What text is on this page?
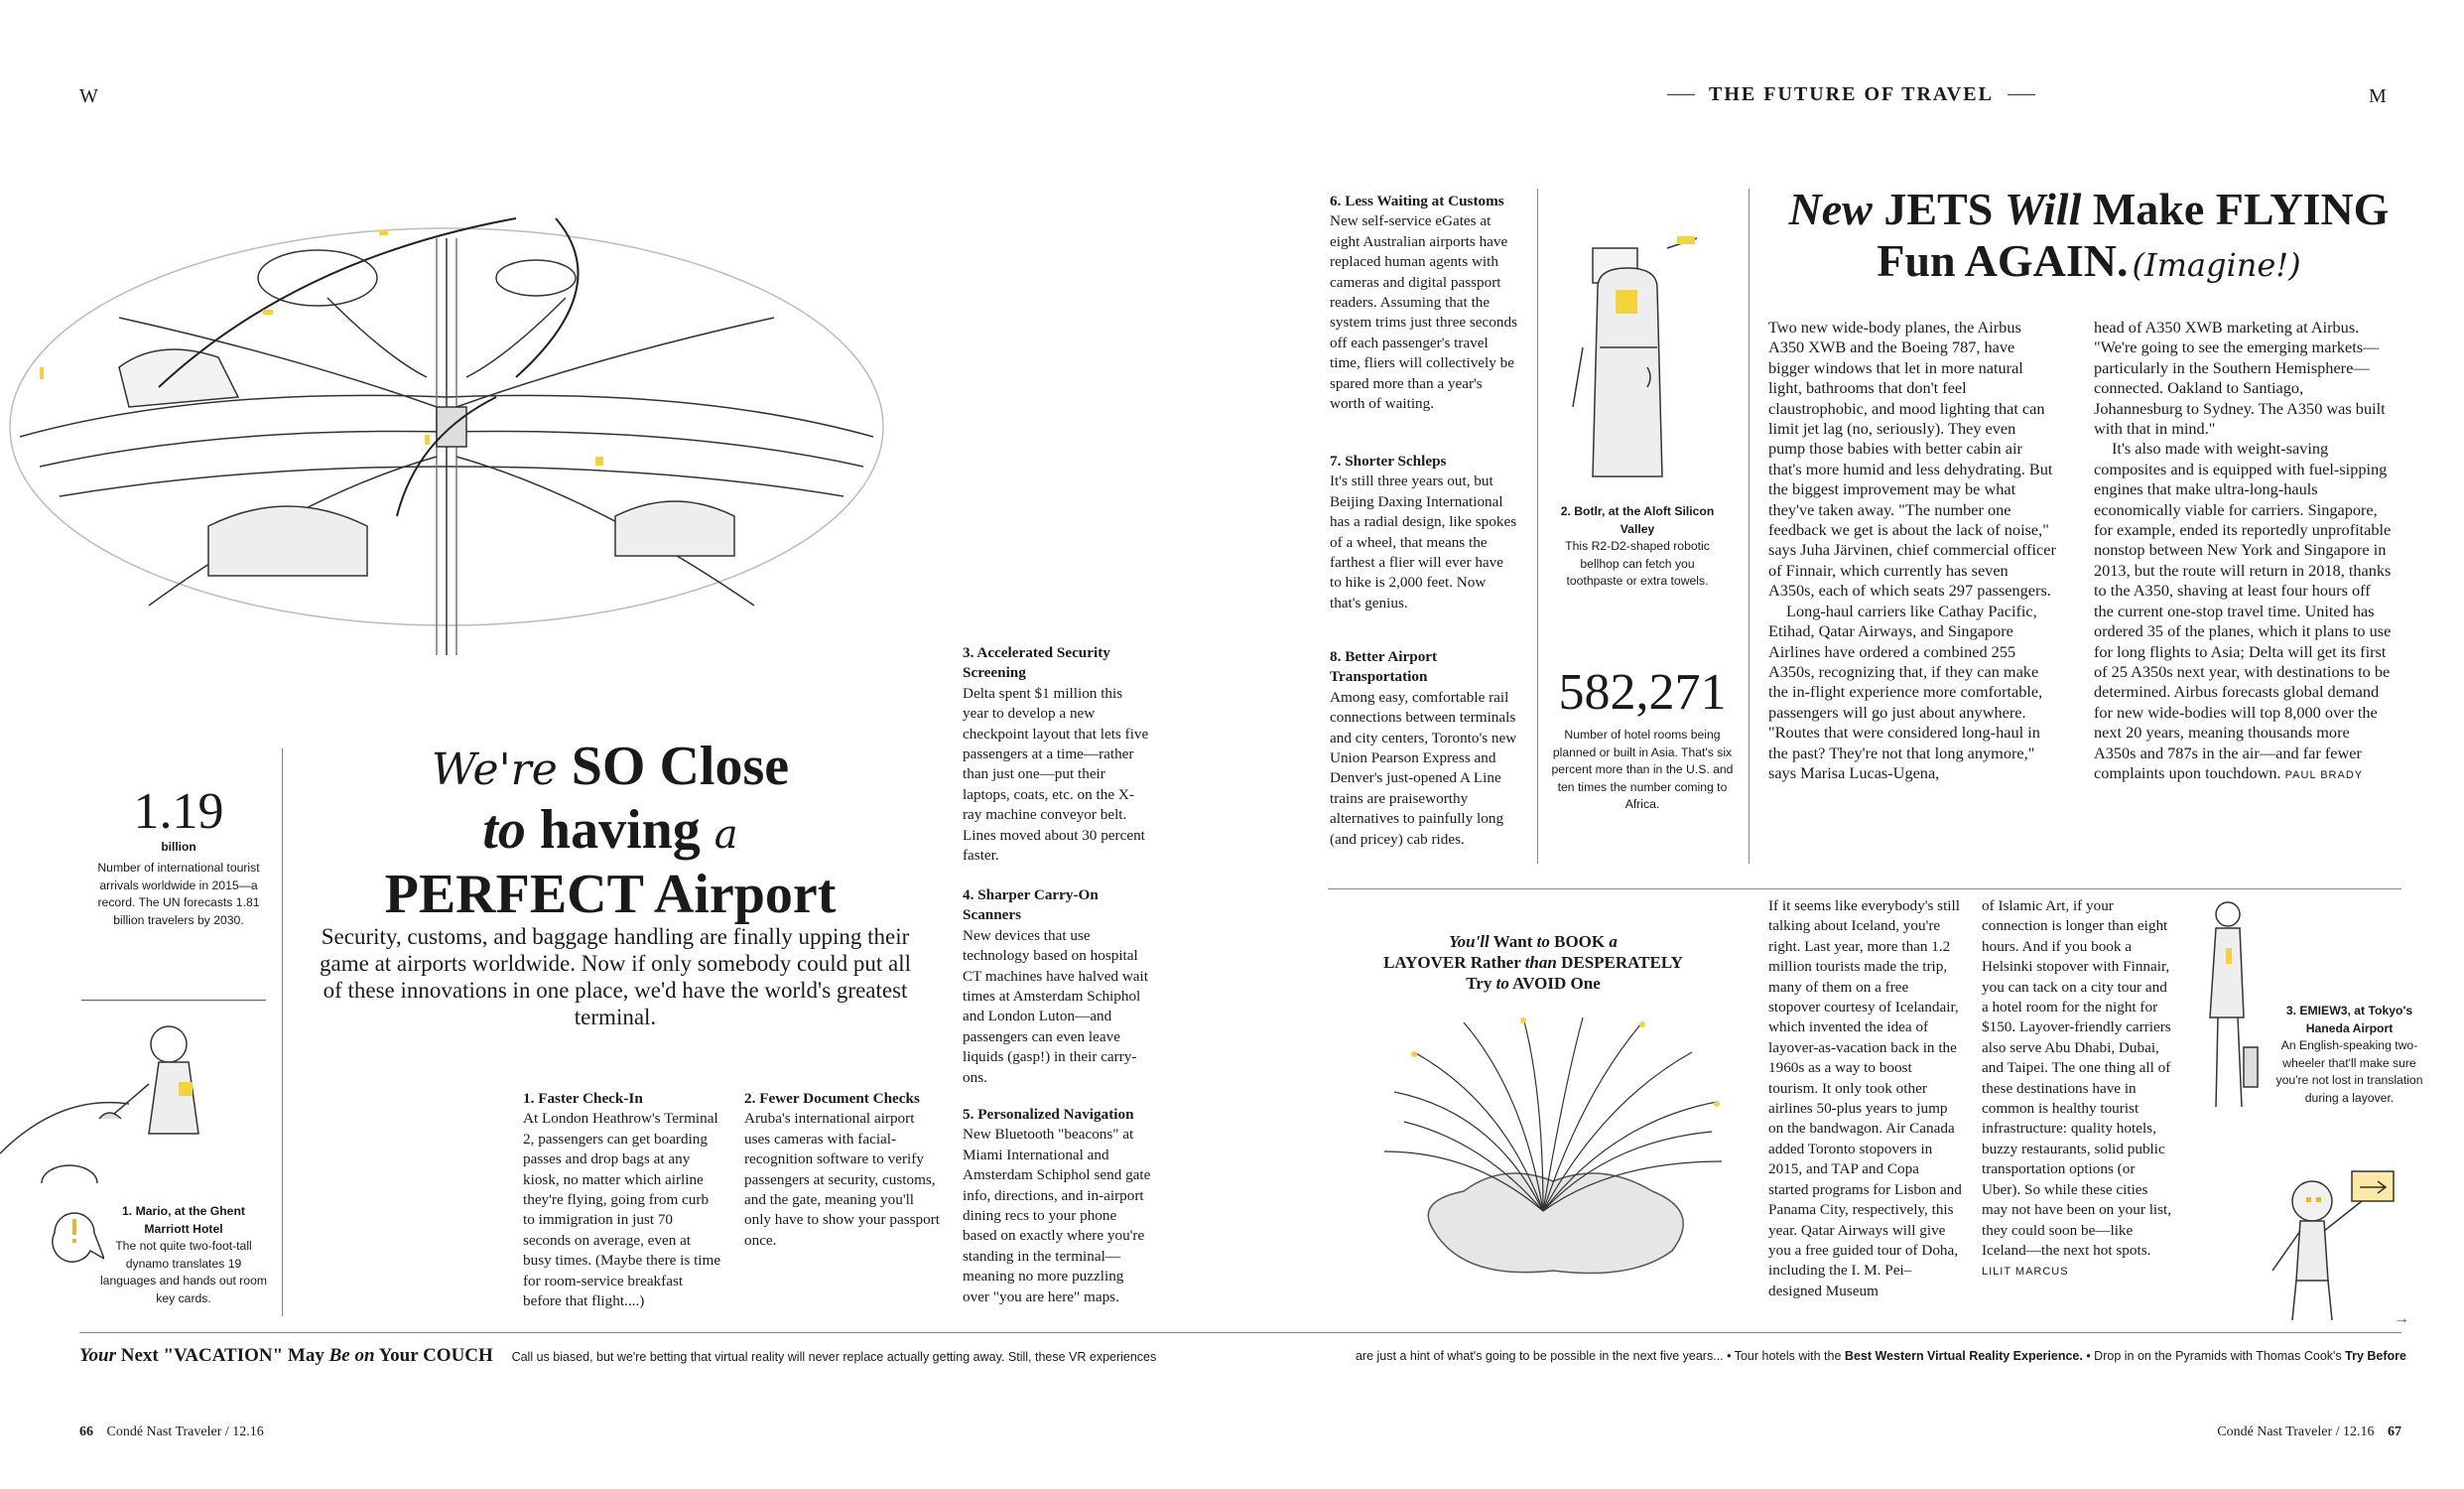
W	THE FUTURE OF TRAVEL	M
We're SO Close
to having a
PERFECT Airport
Security, customs, and baggage handling are finally upping their game at airports worldwide. Now if only somebody could put all of these innovations in one place, we'd have the world's greatest terminal.
1.19
billion
Number of international tourist arrivals worldwide in 2015—a record. The UN forecasts 1.81 billion travelers by 2030.
1. Mario, at the Ghent Marriott Hotel
The not quite two-foot-tall dynamo translates 19 languages and hands out room key cards.
1. Faster Check-In
At London Heathrow's Terminal 2, passengers can get boarding passes and drop bags at any kiosk, no matter which airline they're flying, going from curb to immigration in just 70 seconds on average, even at busy times. (Maybe there is time for room-service breakfast before that flight....)
2. Fewer Document Checks
Aruba's international airport uses cameras with facial-recognition software to verify passengers at security, customs, and the gate, meaning you'll only have to show your passport once.
3. Accelerated Security Screening
Delta spent $1 million this year to develop a new checkpoint layout that lets five passengers at a time—rather than just one—put their laptops, coats, etc. on the X-ray machine conveyor belt. Lines moved about 30 percent faster.
4. Sharper Carry-On Scanners
New devices that use technology based on hospital CT machines have halved wait times at Amsterdam Schiphol and London Luton—and passengers can even leave liquids (gasp!) in their carry-ons.
5. Personalized Navigation
New Bluetooth "beacons" at Miami International and Amsterdam Schiphol send gate info, directions, and in-airport dining recs to your phone based on exactly where you're standing in the terminal—meaning no more puzzling over "you are here" maps.
6. Less Waiting at Customs
New self-service eGates at eight Australian airports have replaced human agents with cameras and digital passport readers. Assuming that the system trims just three seconds off each passenger's travel time, fliers will collectively be spared more than a year's worth of waiting.
7. Shorter Schleps
It's still three years out, but Beijing Daxing International has a radial design, like spokes of a wheel, that means the farthest a flier will ever have to hike is 2,000 feet. Now that's genius.
8. Better Airport Transportation
Among easy, comfortable rail connections between terminals and city centers, Toronto's new Union Pearson Express and Denver's just-opened A Line trains are praiseworthy alternatives to painfully long (and pricey) cab rides.
2. Botlr, at the Aloft Silicon Valley
This R2-D2-shaped robotic bellhop can fetch you toothpaste or extra towels.
582,271
Number of hotel rooms being planned or built in Asia. That's six percent more than in the U.S. and ten times the number coming to Africa.
New JETS Will Make FLYING
Fun AGAIN. (Imagine!)

Two new wide-body planes, the Airbus A350 XWB and the Boeing 787, have bigger windows that let in more natural light, bathrooms that don't feel claustrophobic, and mood lighting that can limit jet lag (no, seriously). They even pump those babies with better cabin air that's more humid and less dehydrating. But the biggest improvement may be what they've taken away. "The number one feedback we get is about the lack of noise," says Juha Järvinen, chief commercial officer of Finnair, which currently has seven A350s, each of which seats 297 passengers.

Long-haul carriers like Cathay Pacific, Etihad, Qatar Airways, and Singapore Airlines have ordered a combined 255 A350s, recognizing that, if they can make the in-flight experience more comfortable, passengers will go just about anywhere. "Routes that were considered long-haul in the past? They're not that long anymore," says Marisa Lucas-Ugena,

head of A350 XWB marketing at Airbus. "We're going to see the emerging markets—particularly in the Southern Hemisphere—connected. Oakland to Santiago, Johannesburg to Sydney. The A350 was built with that in mind."

It's also made with weight-saving composites and is equipped with fuel-sipping engines that make ultra-long-hauls economically viable for carriers. Singapore, for example, ended its reportedly unprofitable nonstop between New York and Singapore in 2013, but the route will return in 2018, thanks to the A350, shaving at least four hours off the current one-stop travel time. United has ordered 35 of the planes, which it plans to use for long flights to Asia; Delta will get its first of 25 A350s next year, with destinations to be determined. Airbus forecasts global demand for new wide-bodies will top 8,000 over the next 20 years, meaning thousands more A350s and 787s in the air—and far fewer complaints upon touchdown. PAUL BRADY

You'll Want to BOOK a
LAYOVER Rather than DESPERATELY
Try to AVOID One
If it seems like everybody's still talking about Iceland, you're right. Last year, more than 1.2 million tourists made the trip, many of them on a free stopover courtesy of Icelandair, which invented the idea of layover-as-vacation back in the 1960s as a way to boost tourism. It only took other airlines 50-plus years to jump on the bandwagon. Air Canada added Toronto stopovers in 2015, and TAP and Copa started programs for Lisbon and Panama City, respectively, this year. Qatar Airways will give you a free guided tour of Doha, including the I. M. Pei–designed Museum
of Islamic Art, if your connection is longer than eight hours. And if you book a Helsinki stopover with Finnair, you can tack on a city tour and a hotel room for the night for $150. Layover-friendly carriers also serve Abu Dhabi, Dubai, and Taipei. The one thing all of these destinations have in common is healthy tourist infrastructure: quality hotels, buzzy restaurants, solid public transportation options (or Uber). So while these cities may not have been on your list, they could soon be—like Iceland—the next hot spots. LILIT MARCUS
3. EMIEW3, at Tokyo's Haneda Airport
An English-speaking two-wheeler that'll make sure you're not lost in translation during a layover.
→
Your Next "VACATION" May Be on Your COUCH Call us biased, but we're betting that virtual reality will never replace actually getting away. Still, these VR experiences	are just a hint of what's going to be possible in the next five years... • Tour hotels with the Best Western Virtual Reality Experience. • Drop in on the Pyramids with Thomas Cook's Try Before
66 Condé Nast Traveler / 12.16	Condé Nast Traveler / 12.16 67
